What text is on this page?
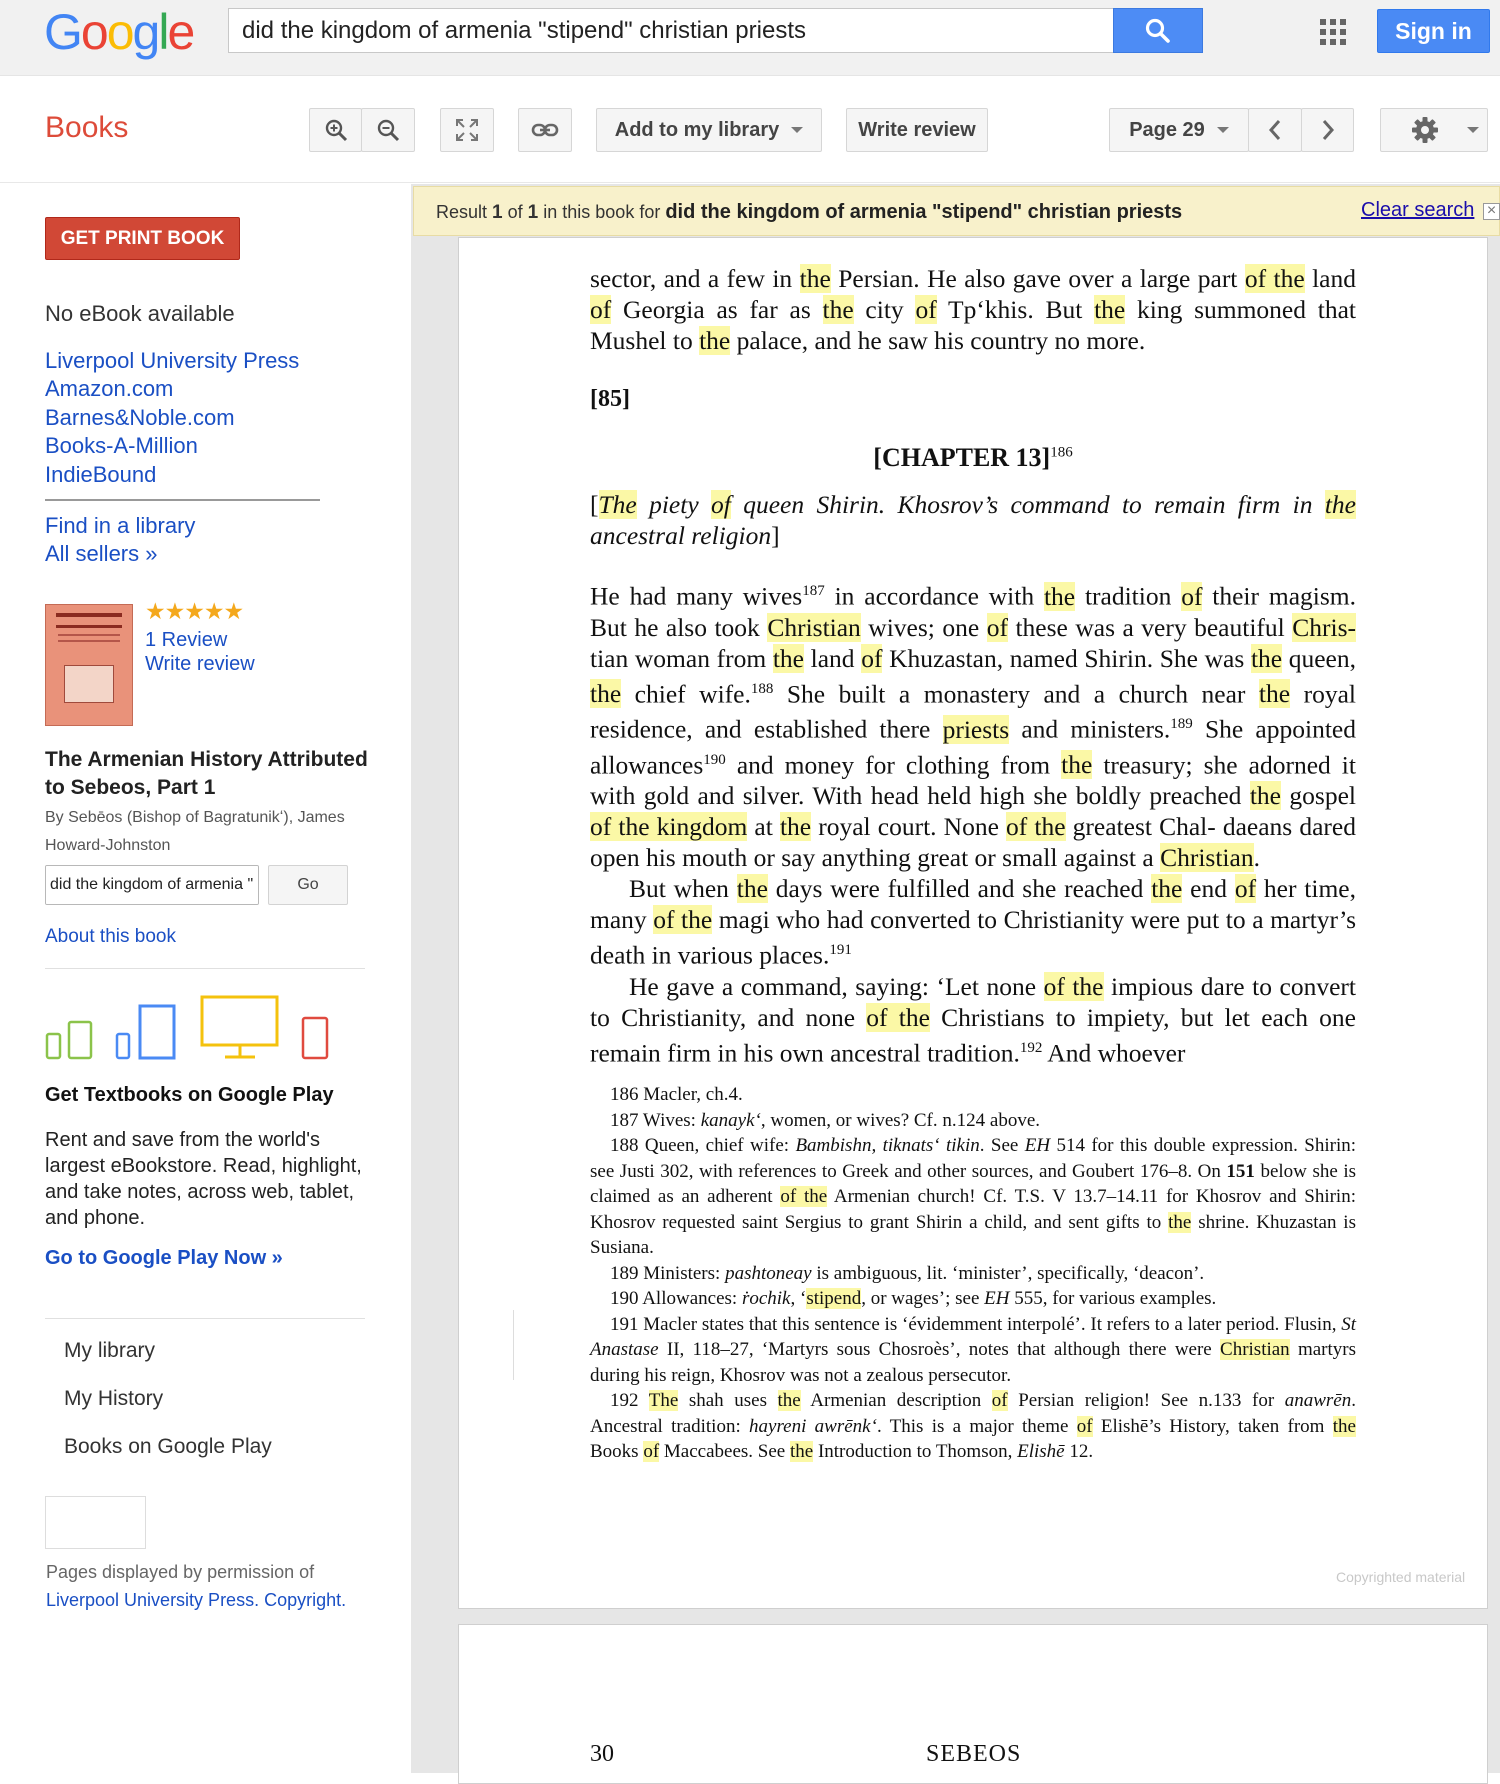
Google
did the kingdom of armenia "stipend" christian priests	Sign in
Books	Add to my library	Write review	Page 29
GET PRINT BOOK
No eBook available
Liverpool University Press
Amazon.com
Barnes&Noble.com
Books-A-Million
IndieBound
Find in a library
All sellers »
★★★★★
1 Review
Write review
The Armenian History Attributed to Sebeos, Part 1
By Sebēos (Bishop of Bagratunikʻ), James Howard-Johnston
did the kingdom of armenia "
Go
About this book
Get Textbooks on Google Play
Rent and save from the world's largest eBookstore. Read, highlight, and take notes, across web, tablet, and phone.
Go to Google Play Now »
My library
My History
Books on Google Play
Pages displayed by permission of
Liverpool University Press. Copyright.
Result 1 of 1 in this book for did the kingdom of armenia "stipend" christian priests	Clear search ×
sector, and a few in the Persian. He also gave over a large part of the land of Georgia as far as the city of Tpʻkhis. But the king summoned that
Mushel to the palace, and he saw his country no more.
[85]
[CHAPTER 13]$^{186}$
[The piety of queen Shirin. Khosrov’s command to remain firm in the ancestral religion]
He had many wives$^{187}$ in accordance with the tradition of their magism. But he also took Christian wives; one of these was a very beautiful Chris- tian woman from the land of Khuzastan, named Shirin. She was the queen, the chief wife.$^{188}$ She built a monastery and a church near the royal residence, and established there priests and ministers.$^{189}$ She appointed allowances$^{190}$ and money for clothing from the treasury; she adorned it with gold and silver. With head held high she boldly preached the gospel of the kingdom at the royal court. None of the greatest Chal- daeans dared open his mouth or say anything great or small against a Christian.
But when the days were fulfilled and she reached the end of her time, many of the magi who had converted to Christianity were put to a martyr’s death in various places.$^{191}$
He gave a command, saying: ‘Let none of the impious dare to convert to Christianity, and none of the Christians to impiety, but let each one remain firm in his own ancestral tradition.$^{192}$ And whoever
186 Macler, ch.4.
187 Wives: kanayk‘, women, or wives? Cf. n.124 above.
188 Queen, chief wife: Bambishn, tiknats‘ tikin. See EH 514 for this double expression. Shirin: see Justi 302, with references to Greek and other sources, and Goubert 176–8. On 151 below she is claimed as an adherent of the Armenian church! Cf. T.S. V 13.7–14.11 for Khosrov and Shirin: Khosrov requested saint Sergius to grant Shirin a child, and sent gifts to the shrine. Khuzastan is Susiana.
189 Ministers: pashtoneay is ambiguous, lit. ‘minister’, specifically, ‘deacon’.
190 Allowances: ṙochik, ‘stipend, or wages’; see EH 555, for various examples.
191 Macler states that this sentence is ‘évidemment interpolé’. It refers to a later period. Flusin, St Anastase II, 118–27, ‘Martyrs sous Chosroès’, notes that although there were Christian martyrs during his reign, Khosrov was not a zealous persecutor.
192 The shah uses the Armenian description of Persian religion! See n.133 for anawrēn. Ancestral tradition: hayreni awrēnk‘. This is a major theme of Elishē’s History, taken from the Books of Maccabees. See the Introduction to Thomson, Elishē 12.
Copyrighted material
30	SEBEOS
